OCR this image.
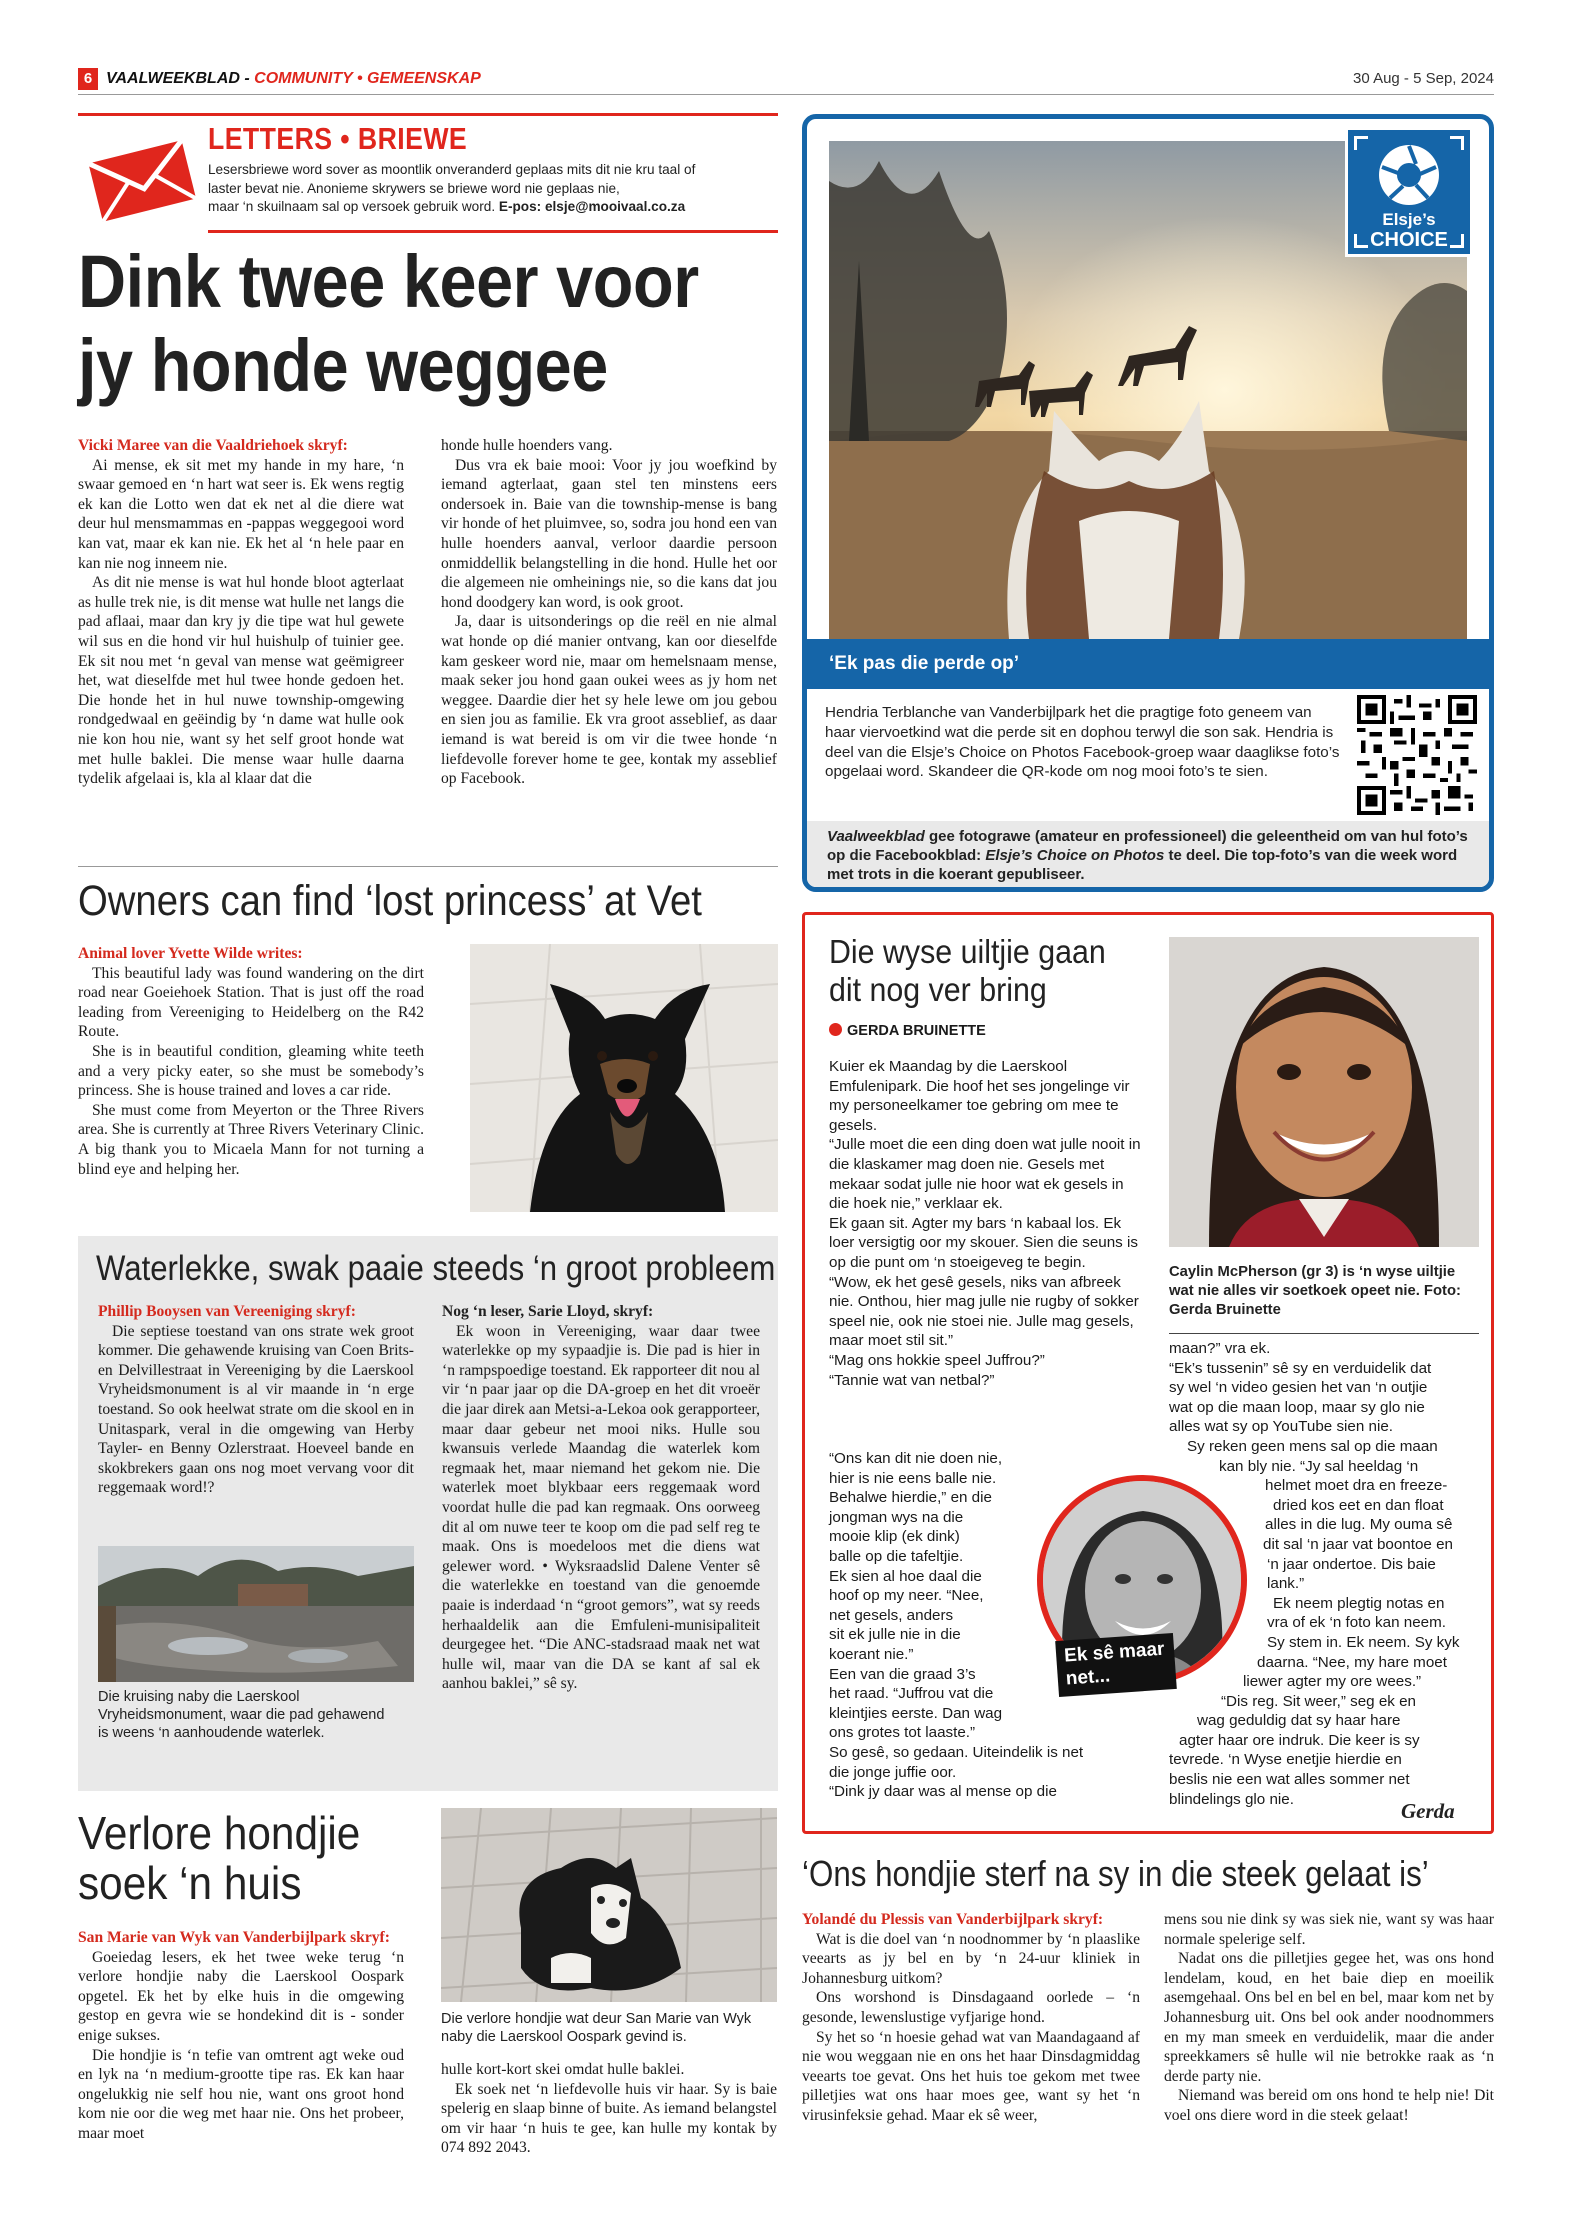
6 VAALWEEKBLAD - COMMUNITY • GEMEENSKAP	30 Aug - 5 Sep, 2024
LETTERS • BRIEWE
Lesersbriewe word sover as moontlik onveranderd geplaas mits dit nie kru taal of
laster bevat nie. Anonieme skrywers se briewe word nie geplaas nie,
maar ‘n skuilnaam sal op versoek gebruik word. E-pos: elsje@mooivaal.co.za
Dink twee keer voor
jy honde weggee
Vicki Maree van die Vaaldriehoek skryf:

Ai mense, ek sit met my hande in my hare, ‘n swaar gemoed en ‘n hart wat seer is. Ek wens regtig ek kan die Lotto wen dat ek net al die diere wat deur hul mensmammas en -pappas weggegooi word kan vat, maar ek kan nie. Ek het al ‘n hele paar en kan nie nog inneem nie.

As dit nie mense is wat hul honde bloot agterlaat as hulle trek nie, is dit mense wat hulle net langs die pad aflaai, maar dan kry jy die tipe wat hul gewete wil sus en die hond vir hul huishulp of tuinier gee. Ek sit nou met ‘n geval van mense wat geëmigreer het, wat dieselfde met hul twee honde gedoen het. Die honde het in hul nuwe township-omgewing rondgedwaal en geëindig by ‘n dame wat hulle ook nie kon hou nie, want sy het self groot honde wat met hulle baklei. Die mense waar hulle daarna tydelik afgelaai is, kla al klaar dat die

honde hulle hoenders vang.

Dus vra ek baie mooi: Voor jy jou woefkind by iemand agterlaat, gaan stel ten minstens eers ondersoek in. Baie van die township-mense is bang vir honde of het pluimvee, so, sodra jou hond een van hulle hoenders aanval, verloor daardie persoon onmiddellik belangstelling in die hond. Hulle het oor die algemeen nie omheinings nie, so die kans dat jou hond doodgery kan word, is ook groot.

Ja, daar is uitsonderings op die reël en nie almal wat honde op dié manier ontvang, kan oor dieselfde kam geskeer word nie, maar om hemelsnaam mense, maak seker jou hond gaan oukei wees as jy hom net weggee. Daardie dier het sy hele lewe om jou gebou en sien jou as familie. Ek vra groot asseblief, as daar iemand is wat bereid is om vir die twee honde ‘n liefdevolle forever home te gee, kontak my asseblief op Facebook.

Elsje’s
CHOICE
‘Ek pas die perde op’
Hendria Terblanche van Vanderbijlpark het die pragtige foto geneem van haar viervoetkind wat die perde sit en dophou terwyl die son sak. Hendria is deel van die Elsje’s Choice on Photos Facebook-groep waar daaglikse foto’s opgelaai word. Skandeer die QR-kode om nog mooi foto’s te sien.
Vaalweekblad gee fotograwe (amateur en professioneel) die geleentheid om van hul foto’s op die Facebookblad: Elsje’s Choice on Photos te deel. Die top-foto’s van die week word met trots in die koerant gepubliseer.
Owners can find ‘lost princess’ at Vet
Animal lover Yvette Wilde writes:

This beautiful lady was found wandering on the dirt road near Goeiehoek Station. That is just off the road leading from Vereeniging to Heidelberg on the R42 Route.

She is in beautiful condition, gleaming white teeth and a very picky eater, so she must be somebody’s princess. She is house trained and loves a car ride.

She must come from Meyerton or the Three Rivers area. She is currently at Three Rivers Veterinary Clinic. A big thank you to Micaela Mann for not turning a blind eye and helping her.

Waterlekke, swak paaie steeds ‘n groot probleem
Phillip Booysen van Vereeniging skryf:

Die septiese toestand van ons strate wek groot kommer. Die gehawende kruising van Coen Brits- en Delvillestraat in Vereeniging by die Laerskool Vryheidsmonument is al vir maande in ‘n erge toestand. So ook heelwat strate om die skool en in Unitaspark, veral in die omgewing van Herby Tayler- en Benny Ozlerstraat. Hoeveel bande en skokbrekers gaan ons nog moet vervang voor dit reggemaak word!?

Die kruising naby die Laerskool Vryheidsmonument, waar die pad gehawend is weens ‘n aanhoudende waterlek.
Nog ‘n leser, Sarie Lloyd, skryf:

Ek woon in Vereeniging, waar daar twee waterlekke op my sypaadjie is. Die pad is hier in ‘n rampspoedige toestand. Ek rapporteer dit nou al vir ‘n paar jaar op die DA-groep en het dit vroeër die jaar direk aan Metsi-a-Lekoa ook gerapporteer, maar daar gebeur net mooi niks. Hulle sou kwansuis verlede Maandag die waterlek kom regmaak het, maar niemand het gekom nie. Die waterlek moet blykbaar eers reggemaak word voordat hulle die pad kan regmaak. Ons oorweeg dit al om nuwe teer te koop om die pad self reg te maak. Ons is moedeloos met die diens wat gelewer word. • Wyksraadslid Dalene Venter sê die waterlekke en toestand van die genoemde paaie is inderdaad ‘n “groot gemors”, wat sy reeds herhaaldelik aan die Emfuleni-munisipaliteit deurgegee het. “Die ANC-stadsraad maak net wat hulle wil, maar van die DA se kant af sal ek aanhou baklei,” sê sy.

Die wyse uiltjie gaan
dit nog ver bring
GERDA BRUINETTE
Kuier ek Maandag by die Laerskool Emfulenipark. Die hoof het ses jongelinge vir my personeelkamer toe gebring om mee te gesels.
“Julle moet die een ding doen wat julle nooit in die klaskamer mag doen nie. Gesels met mekaar sodat julle nie hoor wat ek gesels in die hoek nie,” verklaar ek.
Ek gaan sit. Agter my bars ‘n kabaal los. Ek loer versigtig oor my skouer. Sien die seuns is op die punt om ‘n stoeigeveg te begin.
“Wow, ek het gesê gesels, niks van afbreek nie. Onthou, hier mag julle nie rugby of sokker speel nie, ook nie stoei nie. Julle mag gesels, maar moet stil sit.”
“Mag ons hokkie speel Juffrou?”
“Tannie wat van netbal?”
“Ons kan dit nie doen nie,
hier is nie eens balle nie.
Behalwe hierdie,” en die
jongman wys na die
mooie klip (ek dink)
balle op die tafeltjie.
Ek sien al hoe daal die
hoof op my neer. “Nee,
net gesels, anders
sit ek julle nie in die
koerant nie.”
Een van die graad 3’s
het raad. “Juffrou vat die
kleintjies eerste. Dan wag
ons grotes tot laaste.”
So gesê, so gedaan. Uiteindelik is net
die jonge juffie oor.
“Dink jy daar was al mense op die
Caylin McPherson (gr 3) is ‘n wyse uiltjie wat nie alles vir soetkoek opeet nie. Foto: Gerda Bruinette
maan?” vra ek.
“Ek’s tussenin” sê sy en verduidelik dat
sy wel ‘n video gesien het van ‘n outjie
wat op die maan loop, maar sy glo nie
alles wat sy op YouTube sien nie.
Sy reken geen mens sal op die maan
kan bly nie. “Jy sal heeldag ‘n
helmet moet dra en freeze-
dried kos eet en dan float
alles in die lug. My ouma sê
dit sal ‘n jaar vat boontoe en
‘n jaar ondertoe. Dis baie
lank.”
Ek neem plegtig notas en
vra of ek ‘n foto kan neem.
Sy stem in. Ek neem. Sy kyk
daarna. “Nee, my hare moet
liewer agter my ore wees.”
“Dis reg. Sit weer,” seg ek en
wag geduldig dat sy haar hare
agter haar ore indruk. Die keer is sy
tevrede. ‘n Wyse enetjie hierdie en
beslis nie een wat alles sommer net
blindelings glo nie.
Ek sê maar net...
Gerda
Verlore hondjie
soek ‘n huis
San Marie van Wyk van Vanderbijlpark skryf:

Goeiedag lesers, ek het twee weke terug ‘n verlore hondjie naby die Laerskool Oospark opgetel. Ek het by elke huis in die omgewing gestop en gevra wie se hondekind dit is - sonder enige sukses.

Die hondjie is ‘n tefie van omtrent agt weke oud en lyk na ‘n medium-grootte tipe ras. Ek kan haar ongelukkig nie self hou nie, want ons groot hond kom nie oor die weg met haar nie. Ons het probeer, maar moet

Die verlore hondjie wat deur San Marie van Wyk naby die Laerskool Oospark gevind is.

hulle kort-kort skei omdat hulle baklei.

Ek soek net ‘n liefdevolle huis vir haar. Sy is baie spelerig en slaap binne of buite. As iemand belangstel om vir haar ‘n huis te gee, kan hulle my kontak by 074 892 2043.

‘Ons hondjie sterf na sy in die steek gelaat is’
Yolandé du Plessis van Vanderbijlpark skryf:

Wat is die doel van ‘n noodnommer by ‘n plaaslike veearts as jy bel en by ‘n 24-uur kliniek in Johannesburg uitkom?

Ons worshond is Dinsdagaand oorlede – ‘n gesonde, lewenslustige vyfjarige hond.

Sy het so ‘n hoesie gehad wat van Maandagaand af nie wou weggaan nie en ons het haar Dinsdagmiddag veearts toe gevat. Ons het huis toe gekom met twee pilletjies wat ons haar moes gee, want sy het ‘n virusinfeksie gehad. Maar ek sê weer,

mens sou nie dink sy was siek nie, want sy was haar normale spelerige self.

Nadat ons die pilletjies gegee het, was ons hond lendelam, koud, en het baie diep en moeilik asemgehaal. Ons bel en bel en bel, maar kom net by Johannesburg uit. Ons bel ook ander noodnommers en my man smeek en verduidelik, maar die ander spreekkamers sê hulle wil nie betrokke raak as ‘n derde party nie.

Niemand was bereid om ons hond te help nie! Dit voel ons diere word in die steek gelaat!
